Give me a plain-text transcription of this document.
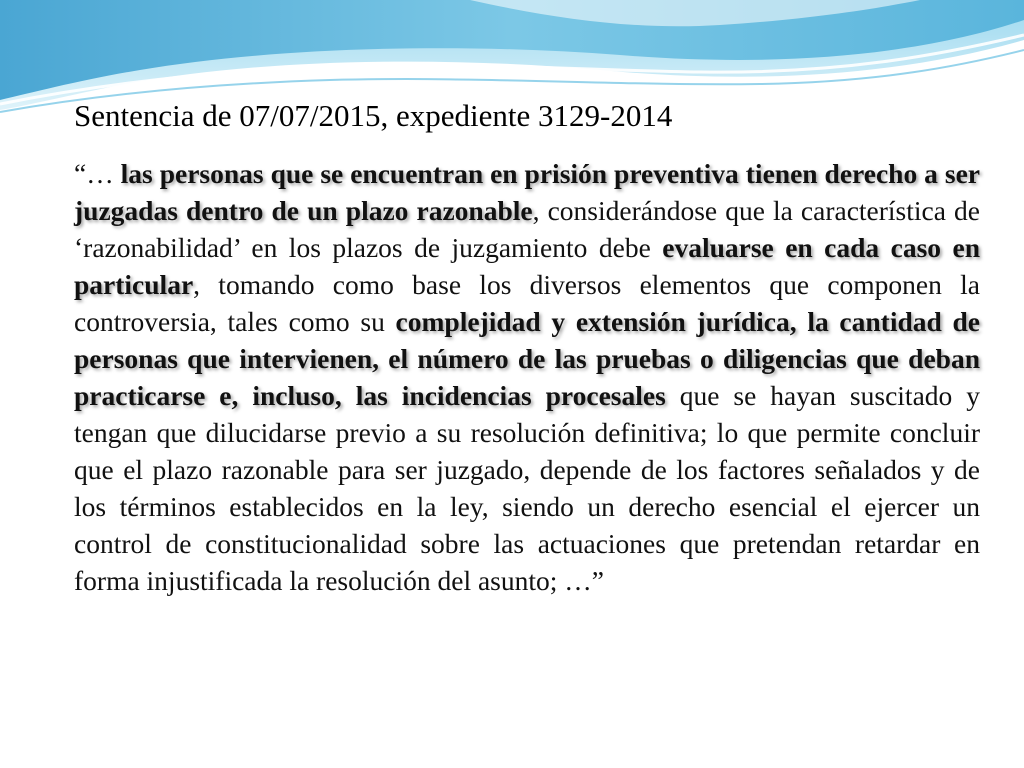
Sentencia de 07/07/2015, expediente 3129-2014

“… las personas que se encuentran en prisión preventiva tienen derecho a ser juzgadas dentro de un plazo razonable, considerándose que la característica de ‘razonabilidad’ en los plazos de juzgamiento debe evaluarse en cada caso en particular, tomando como base los diversos elementos que componen la controversia, tales como su complejidad y extensión jurídica, la cantidad de personas que intervienen, el número de las pruebas o diligencias que deban practicarse e, incluso, las incidencias procesales que se hayan suscitado y tengan que dilucidarse previo a su resolución definitiva; lo que permite concluir que el plazo razonable para ser juzgado, depende de los factores señalados y de los términos establecidos en la ley, siendo un derecho esencial el ejercer un control de constitucionalidad sobre las actuaciones que pretendan retardar en forma injustificada la resolución del asunto; …”
